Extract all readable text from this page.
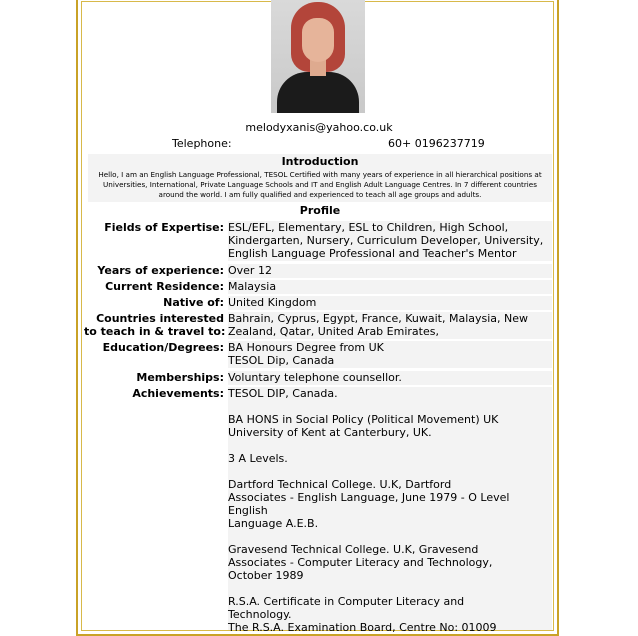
melodyxanis@yahoo.co.uk
Telephone:	60+ 0196237719
Introduction
Hello, I am an English Language Professional, TESOL Certified with many years of experience in all hierarchical positions at Universities, International, Private Language Schools and IT and English Adult Language Centres. In 7 different countries around the world. I am fully qualified and experienced to teach all age groups and adults.
Profile
Fields of Expertise: ESL/EFL, Elementary, ESL to Children, High School,
Kindergarten, Nursery, Curriculum Developer, University,
English Language Professional and Teacher's Mentor
Years of experience: Over 12
Current Residence: Malaysia
Native of: United Kingdom
Countries interested
to teach in & travel to:
Bahrain, Cyprus, Egypt, France, Kuwait, Malaysia, New
Zealand, Qatar, United Arab Emirates,
Education/Degrees: BA Honours Degree from UK
TESOL Dip, Canada
Memberships: Voluntary telephone counsellor.
Achievements: TESOL DIP, Canada.
BA HONS in Social Policy (Political Movement) UK
University of Kent at Canterbury, UK.
3 A Levels.
Dartford Technical College. U.K, Dartford
Associates - English Language, June 1979 - O Level
English
Language A.E.B.
Gravesend Technical College. U.K, Gravesend
Associates - Computer Literacy and Technology,
October 1989
R.S.A. Certificate in Computer Literacy and
Technology.
The R.S.A. Examination Board, Centre No: 01009
